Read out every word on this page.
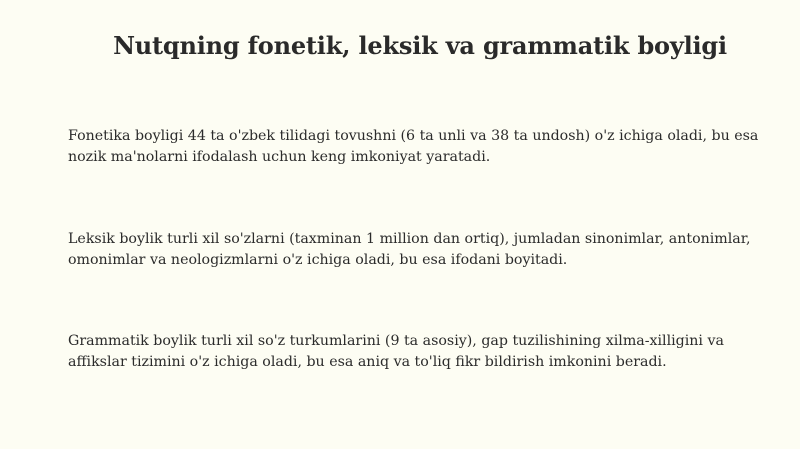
Nutqning fonetik, leksik va grammatik boyligi

Fonetika boyligi 44 ta o'zbek tilidagi tovushni (6 ta unli va 38 ta undosh) o'z ichiga oladi, bu esa nozik ma'nolarni ifodalash uchun keng imkoniyat yaratadi.

Leksik boylik turli xil so'zlarni (taxminan 1 million dan ortiq), jumladan sinonimlar, antonimlar, omonimlar va neologizmlarni o'z ichiga oladi, bu esa ifodani boyitadi.

Grammatik boylik turli xil so'z turkumlarini (9 ta asosiy), gap tuzilishining xilma-xilligini va affikslar tizimini o'z ichiga oladi, bu esa aniq va to'liq fikr bildirish imkonini beradi.
